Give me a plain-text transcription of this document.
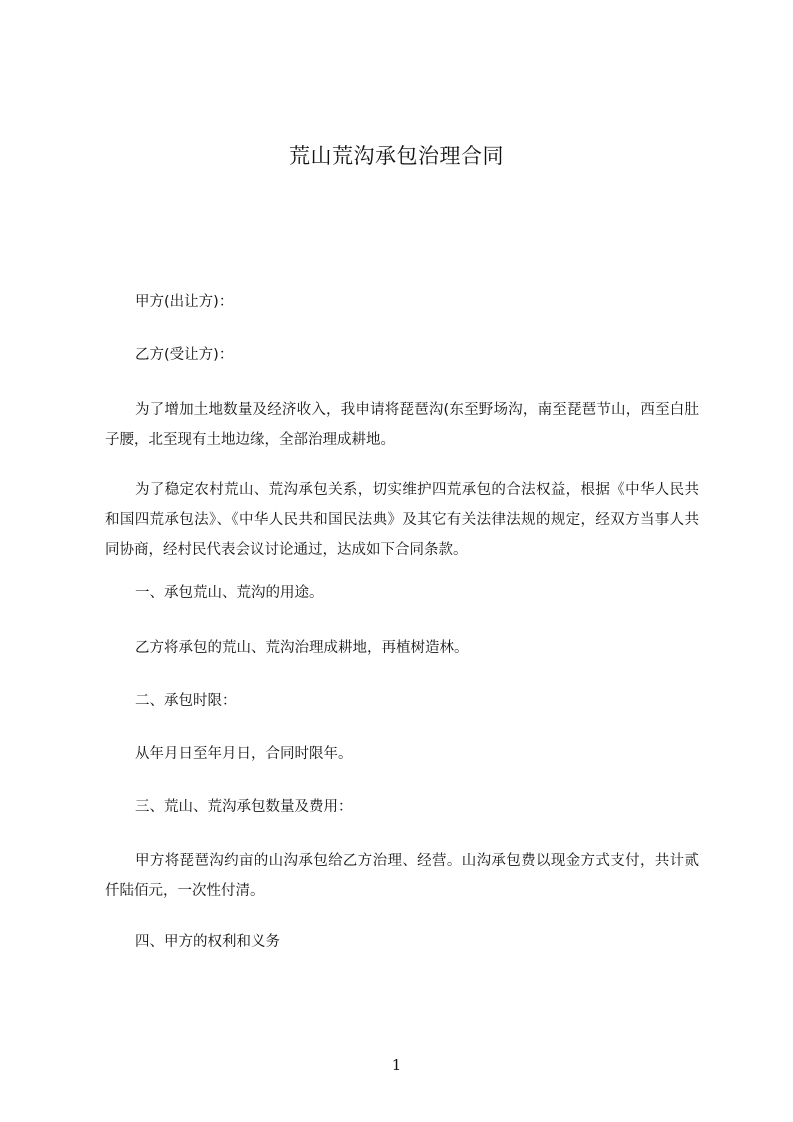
荒山荒沟承包治理合同

甲方(出让方)：

乙方(受让方)：

为了增加土地数量及经济收入，我申请将琵琶沟(东至野场沟，南至琵琶节山，西至白肚子腰，北至现有土地边缘，全部治理成耕地。

为了稳定农村荒山、荒沟承包关系，切实维护四荒承包的合法权益，根据《中华人民共和国四荒承包法》、《中华人民共和国民法典》及其它有关法律法规的规定，经双方当事人共同协商，经村民代表会议讨论通过，达成如下合同条款。

一、承包荒山、荒沟的用途。

乙方将承包的荒山、荒沟治理成耕地，再植树造林。

二、承包时限：

从年月日至年月日，合同时限年。

三、荒山、荒沟承包数量及费用：

甲方将琵琶沟约亩的山沟承包给乙方治理、经营。山沟承包费以现金方式支付，共计贰仟陆佰元，一次性付清。

四、甲方的权利和义务

1
